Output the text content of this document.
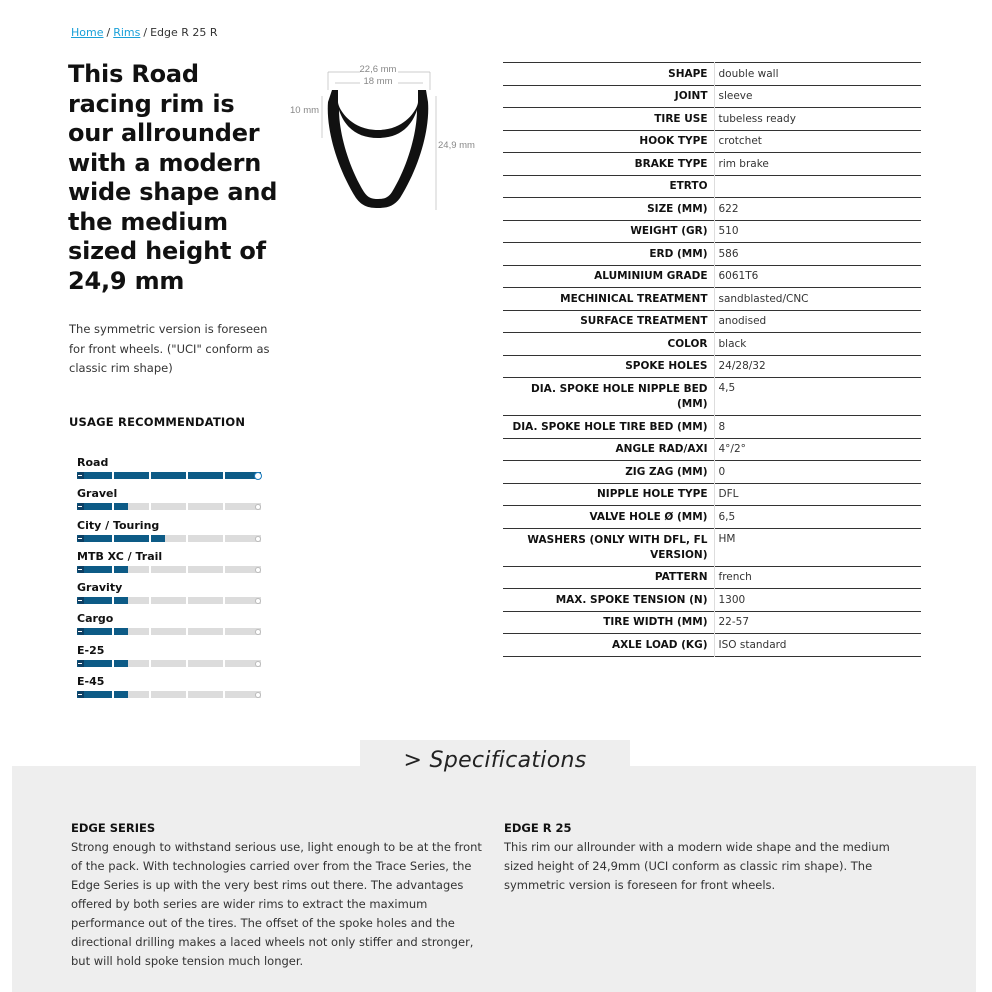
Home / Rims / Edge R 25 R
This Road racing rim is our allrounder with a modern wide shape and the medium sized height of 24,9 mm

The symmetric version is foreseen for front wheels. ("UCI" conform as classic rim shape)

USAGE RECOMMENDATION
Road
Gravel
City / Touring
MTB XC / Trail
Gravity
Cargo
E-25
E-45
22,6 mm
18 mm
10 mm
24,9 mm
SHAPE	double wall
JOINT	sleeve
TIRE USE	tubeless ready
HOOK TYPE	crotchet
BRAKE TYPE	rim brake
ETRTO	
SIZE (MM)	622
WEIGHT (GR)	510
ERD (MM)	586
ALUMINIUM GRADE	6061T6
MECHINICAL TREATMENT	sandblasted/CNC
SURFACE TREATMENT	anodised
COLOR	black
SPOKE HOLES	24/28/32
DIA. SPOKE HOLE NIPPLE BED (MM)	4,5
DIA. SPOKE HOLE TIRE BED (MM)	8
ANGLE RAD/AXI	4°/2°
ZIG ZAG (MM)	0
NIPPLE HOLE TYPE	DFL
VALVE HOLE Ø (MM)	6,5
WASHERS (ONLY WITH DFL, FL VERSION)	HM
PATTERN	french
MAX. SPOKE TENSION (N)	1300
TIRE WIDTH (MM)	22-57
AXLE LOAD (KG)	ISO standard
> Specifications
EDGE SERIES

Strong enough to withstand serious use, light enough to be at the front of the pack. With technologies carried over from the Trace Series, the Edge Series is up with the very best rims out there. The advantages offered by both series are wider rims to extract the maximum performance out of the tires. The offset of the spoke holes and the directional drilling makes a laced wheels not only stiffer and stronger, but will hold spoke tension much longer.

EDGE R 25

This rim our allrounder with a modern wide shape and the medium sized height of 24,9mm (UCI conform as classic rim shape). The symmetric version is foreseen for front wheels.
